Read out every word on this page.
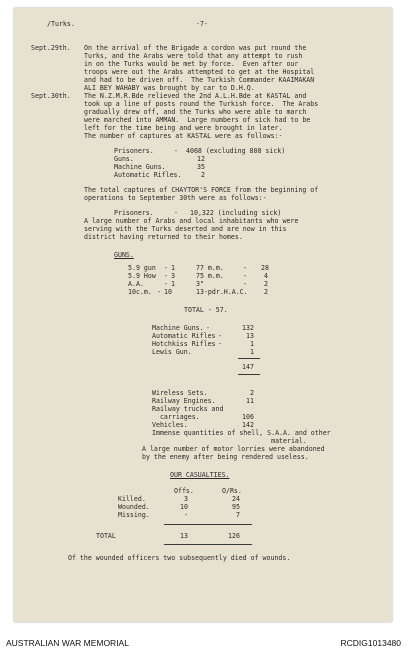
/Turks.	-7-
Sept.29th. On the arrival of the Brigade a cordon was put round the
Turks, and the Arabs were told that any attempt to rush
in on the Turks would be met by force.  Even after our
troops were out the Arabs attempted to get at the Hospital
and had to be driven off.  The Turkish Commander KAAIMAKAN
ALI BEY WAHABY was brought by car to D.H.Q.
Sept.30th. The N.Z.M.R.Bde relieved the 2nd A.L.H.Bde at KASTAL and
took up a line of posts round the Turkish force.  The Arabs
gradually drew off, and the Turks who were able to march
were marched into AMMAN.  Large numbers of sick had to be
left for the time being and were brought in later.
The number of captures at KASTAL were as follows:-
Prisoners.	- 4068 (excluding 808 sick)
Guns.	12
Machine Guns.	35
Automatic Rifles.	2
The total captures of CHAYTOR'S FORCE from the beginning of
operations to September 30th were as follows:-
Prisoners.	- 10,322 (including sick)
A large number of Arabs and local inhabitants who were
serving with the Turks deserted and are now in this
district having returned to their homes.
GUNS.
5.9 gun - 1	77 m.m.	- 28
5.9 How - 3	75 m.m.	-	4
A.A.	- 1	3"	-	2
10c.m. - 10	13-pdr.H.A.C. 2
TOTAL - 57.
Machine Guns. -	132
Automatic Rifles -	13
Hotchkiss Rifles -	1
Lewis Gun.	1
147
Wireless Sets.	2
Railway Engines.	11
Railway trucks and
carriages.	106
Vehicles.	142
Immense quantities of shell, S.A.A. and other
material.
A large number of motor lorries were abandoned
by the enemy after being rendered useless.
OUR CASUALTIES.
Offs.	O/Rs.
Killed.	3	24
Wounded.	10	95
Missing.	-	7
TOTAL	13	126
Of the wounded officers two subsequently died of wounds.
AUSTRALIAN WAR MEMORIAL	RCDIG1013480
